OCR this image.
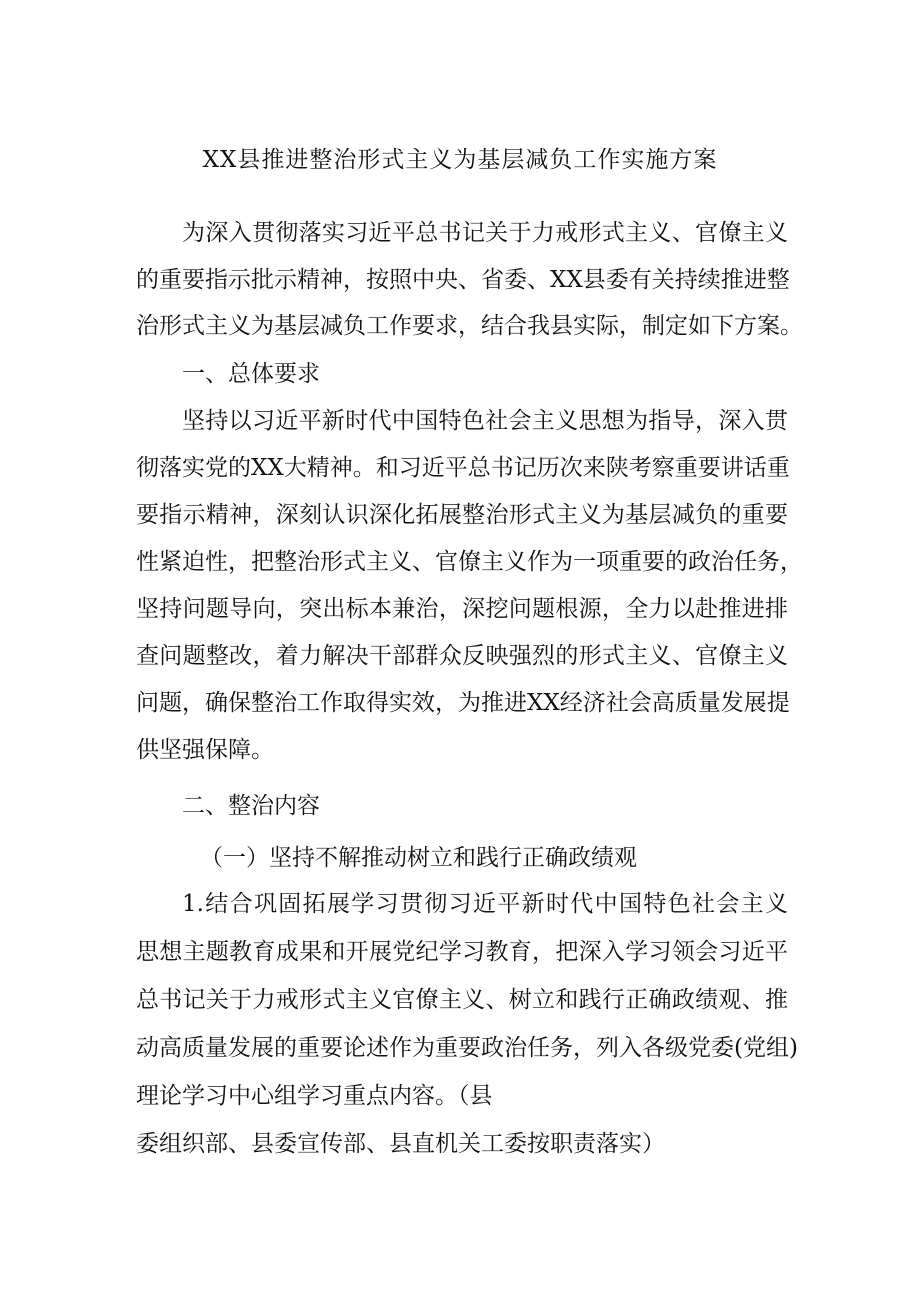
XX县推进整治形式主义为基层减负工作实施方案

为深入贯彻落实习近平总书记关于力戒形式主义、官僚主义

的重要指示批示精神，按照中央、省委、XX县委有关持续推进整

治形式主义为基层减负工作要求，结合我县实际，制定如下方案。

一、总体要求

坚持以习近平新时代中国特色社会主义思想为指导，深入贯

彻落实党的XX大精神。和习近平总书记历次来陕考察重要讲话重

要指示精神，深刻认识深化拓展整治形式主义为基层减负的重要

性紧迫性，把整治形式主义、官僚主义作为一项重要的政治任务，

坚持问题导向，突出标本兼治，深挖问题根源，全力以赴推进排

查问题整改，着力解决干部群众反映强烈的形式主义、官僚主义

问题，确保整治工作取得实效，为推进XX经济社会高质量发展提

供坚强保障。

二、整治内容

（一）坚持不解推动树立和践行正确政绩观

1.结合巩固拓展学习贯彻习近平新时代中国特色社会主义

思想主题教育成果和开展党纪学习教育，把深入学习领会习近平

总书记关于力戒形式主义官僚主义、树立和践行正确政绩观、推

动高质量发展的重要论述作为重要政治任务，列入各级党委(党组)

理论学习中心组学习重点内容。（县

委组织部、县委宣传部、县直机关工委按职责落实）
